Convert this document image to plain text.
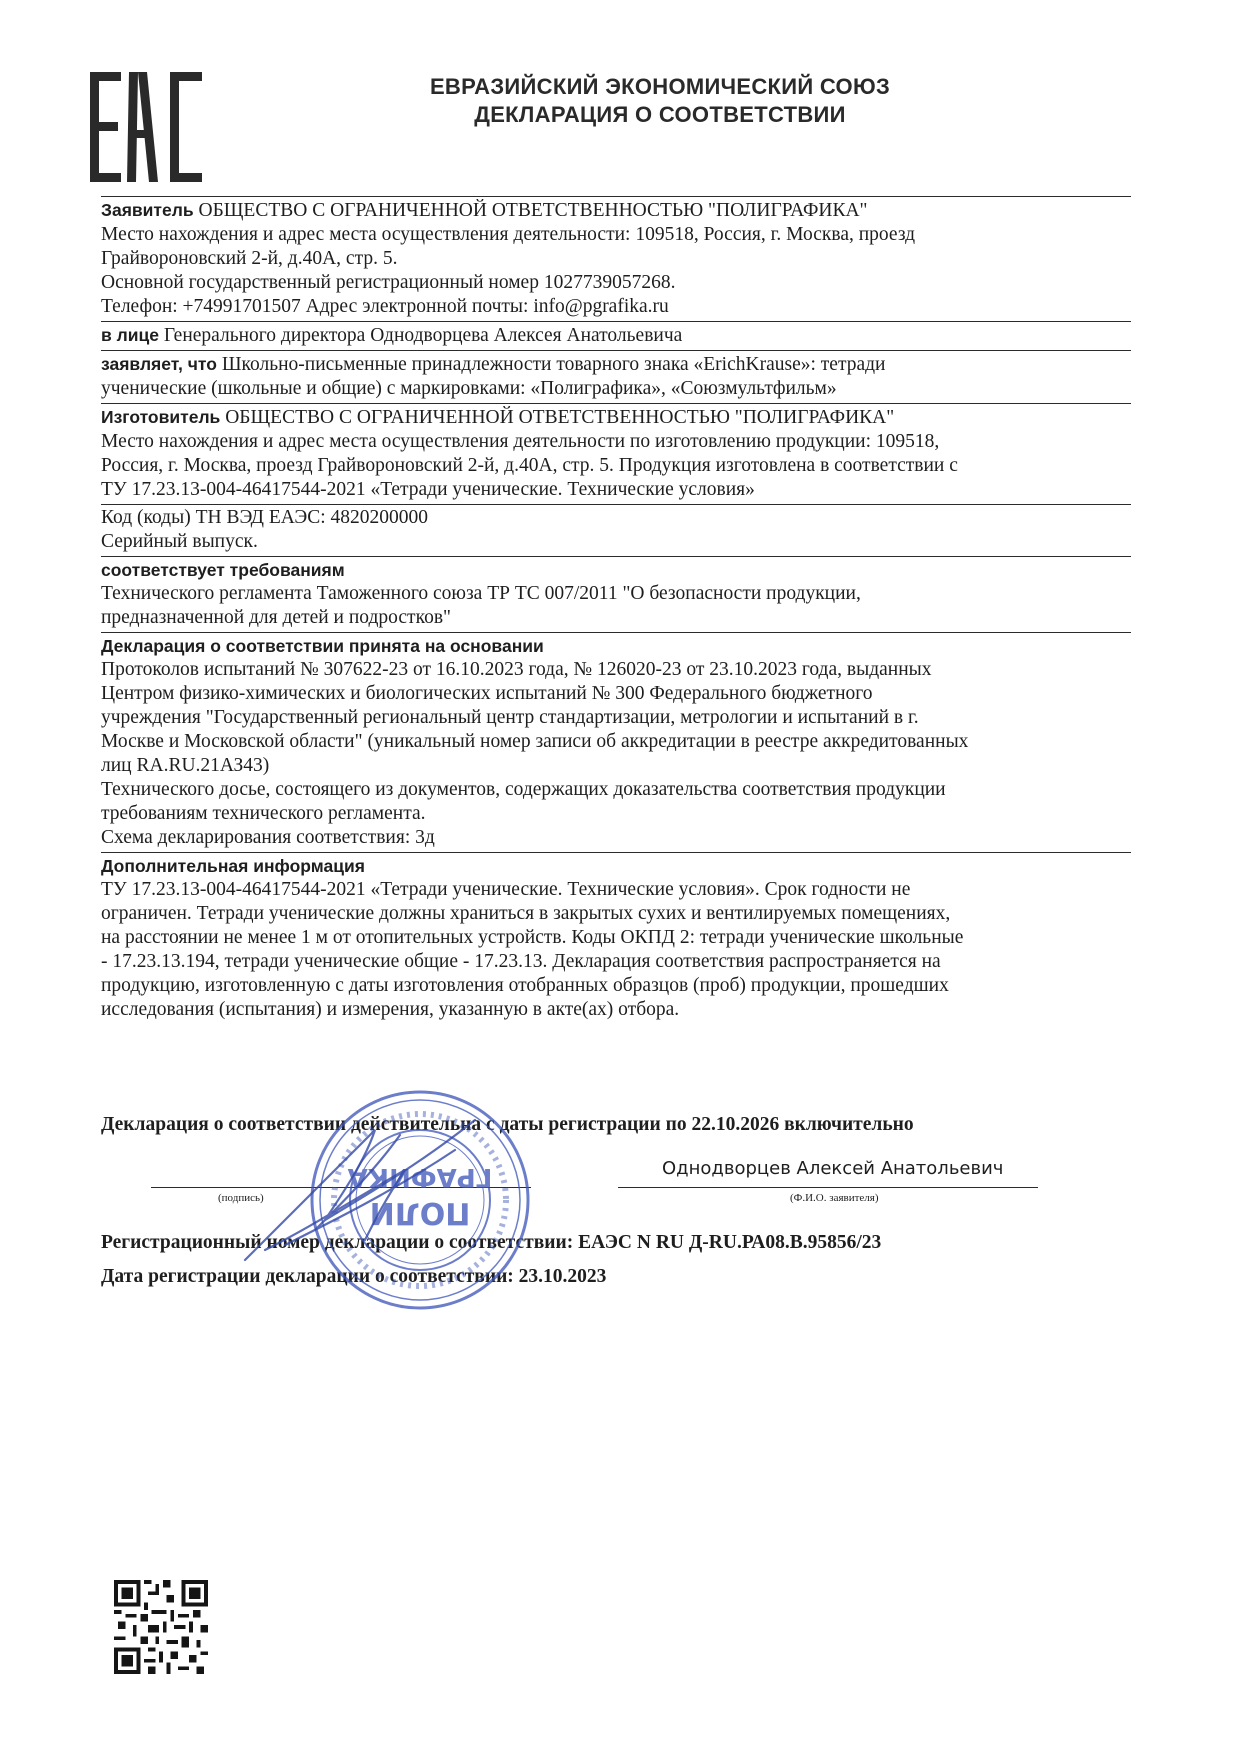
ЕВРАЗИЙСКИЙ ЭКОНОМИЧЕСКИЙ СОЮЗ
ДЕКЛАРАЦИЯ О СООТВЕТСТВИИ
Заявитель ОБЩЕСТВО С ОГРАНИЧЕННОЙ ОТВЕТСТВЕННОСТЬЮ "ПОЛИГРАФИКА"
Место нахождения и адрес места осуществления деятельности: 109518, Россия, г. Москва, проезд
Грайвороновский 2-й, д.40А, стр. 5.
Основной государственный регистрационный номер 1027739057268.
Телефон: +74991701507 Адрес электронной почты: info@pgrafika.ru
в лице Генерального директора Однодворцева Алексея Анатольевича
заявляет, что Школьно-письменные принадлежности товарного знака «ErichKrause»: тетради
ученические (школьные и общие) с маркировками: «Полиграфика», «Союзмультфильм»
Изготовитель ОБЩЕСТВО С ОГРАНИЧЕННОЙ ОТВЕТСТВЕННОСТЬЮ "ПОЛИГРАФИКА"
Место нахождения и адрес места осуществления деятельности по изготовлению продукции: 109518,
Россия, г. Москва, проезд Грайвороновский 2-й, д.40А, стр. 5. Продукция изготовлена в соответствии с
ТУ 17.23.13-004-46417544-2021 «Тетради ученические. Технические условия»
Код (коды) ТН ВЭД ЕАЭС: 4820200000
Серийный выпуск.
соответствует требованиям
Технического регламента Таможенного союза ТР ТС 007/2011 "О безопасности продукции,
предназначенной для детей и подростков"
Декларация о соответствии принята на основании
Протоколов испытаний № 307622-23 от 16.10.2023 года, № 126020-23 от 23.10.2023 года, выданных
Центром физико-химических и биологических испытаний № 300 Федерального бюджетного
учреждения "Государственный региональный центр стандартизации, метрологии и испытаний в г.
Москве и Московской области" (уникальный номер записи об аккредитации в реестре аккредитованных
лиц RA.RU.21АЗ43)
Технического досье, состоящего из документов, содержащих доказательства соответствия продукции
требованиям технического регламента.
Схема декларирования соответствия: 3д
Дополнительная информация
ТУ 17.23.13-004-46417544-2021 «Тетради ученические. Технические условия». Срок годности не
ограничен. Тетради ученические должны храниться в закрытых сухих и вентилируемых помещениях,
на расстоянии не менее 1 м от отопительных устройств. Коды ОКПД 2: тетради ученические школьные
- 17.23.13.194, тетради ученические общие - 17.23.13. Декларация соответствия распространяется на
продукцию, изготовленную с даты изготовления отобранных образцов (проб) продукции, прошедших
исследования (испытания) и измерения, указанную в акте(ах) отбора.
Декларация о соответствии действительна с даты регистрации по 22.10.2026 включительно
Однодворцев Алексей Анатольевич
(подпись)	(Ф.И.О. заявителя)
Регистрационный номер декларации о соответствии: ЕАЭС N RU Д-RU.РА08.В.95856/23
Дата регистрации декларации о соответствии: 23.10.2023
ПОЛИ
ГРАФИКА
